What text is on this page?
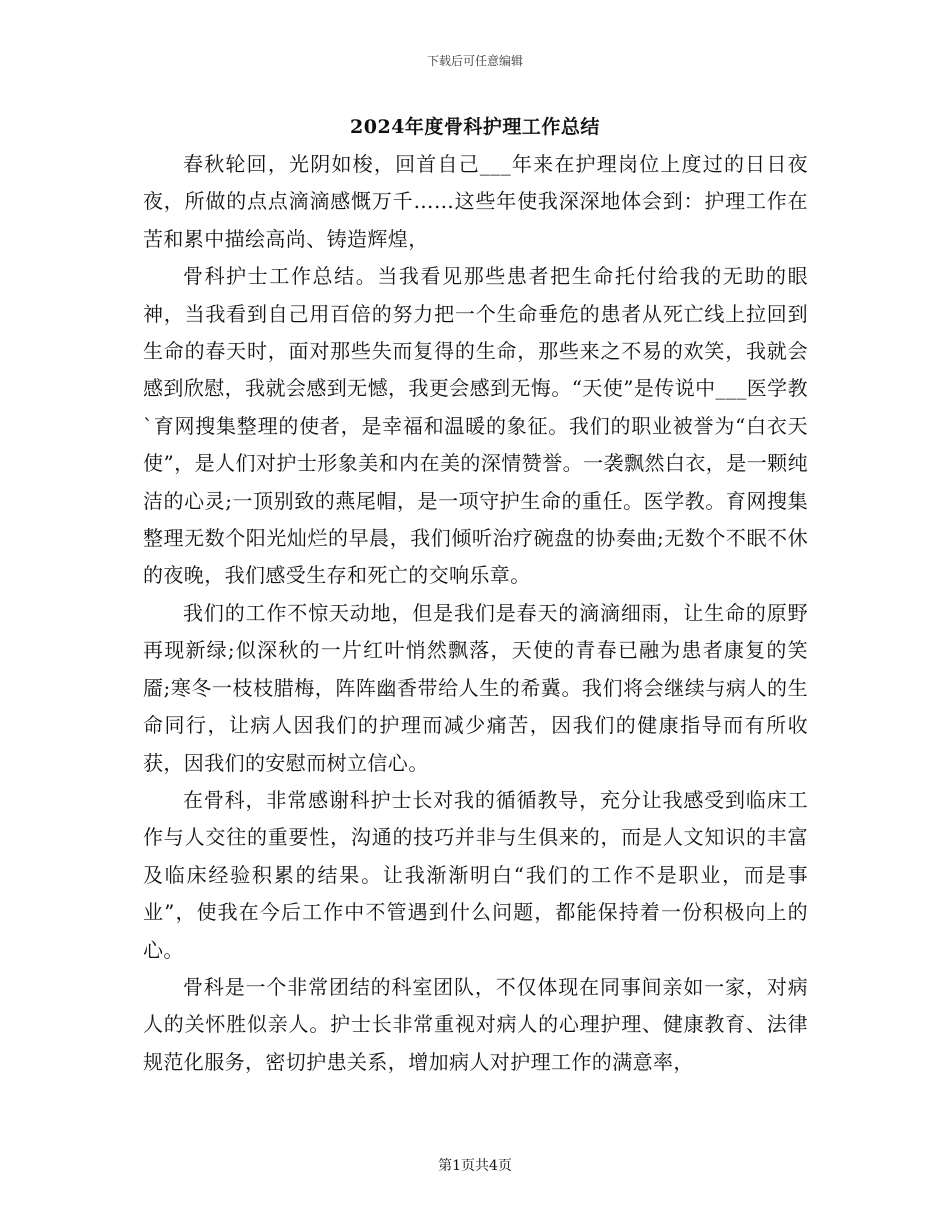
下载后可任意编辑
2024年度骨科护理工作总结

春秋轮回，光阴如梭，回首自己___年来在护理岗位上度过的日日夜夜，所做的点点滴滴感慨万千……这些年使我深深地体会到：护理工作在苦和累中描绘高尚、铸造辉煌，

骨科护士工作总结。当我看见那些患者把生命托付给我的无助的眼神，当我看到自己用百倍的努力把一个生命垂危的患者从死亡线上拉回到生命的春天时，面对那些失而复得的生命，那些来之不易的欢笑，我就会感到欣慰，我就会感到无憾，我更会感到无悔。“天使”是传说中___医学教`育网搜集整理的使者，是幸福和温暖的象征。我们的职业被誉为“白衣天使”，是人们对护士形象美和内在美的深情赞誉。一袭飘然白衣，是一颗纯洁的心灵;一顶别致的燕尾帽，是一项守护生命的重任。医学教。育网搜集整理无数个阳光灿烂的早晨，我们倾听治疗碗盘的协奏曲;无数个不眠不休的夜晚，我们感受生存和死亡的交响乐章。

我们的工作不惊天动地，但是我们是春天的滴滴细雨，让生命的原野再现新绿;似深秋的一片红叶悄然飘落，天使的青春已融为患者康复的笑靥;寒冬一枝枝腊梅，阵阵幽香带给人生的希冀。我们将会继续与病人的生命同行，让病人因我们的护理而减少痛苦，因我们的健康指导而有所收获，因我们的安慰而树立信心。

在骨科，非常感谢科护士长对我的循循教导，充分让我感受到临床工作与人交往的重要性，沟通的技巧并非与生俱来的，而是人文知识的丰富及临床经验积累的结果。让我渐渐明白“我们的工作不是职业，而是事业”，使我在今后工作中不管遇到什么问题，都能保持着一份积极向上的心。

骨科是一个非常团结的科室团队，不仅体现在同事间亲如一家，对病人的关怀胜似亲人。护士长非常重视对病人的心理护理、健康教育、法律规范化服务，密切护患关系，增加病人对护理工作的满意率，

第1页共4页
